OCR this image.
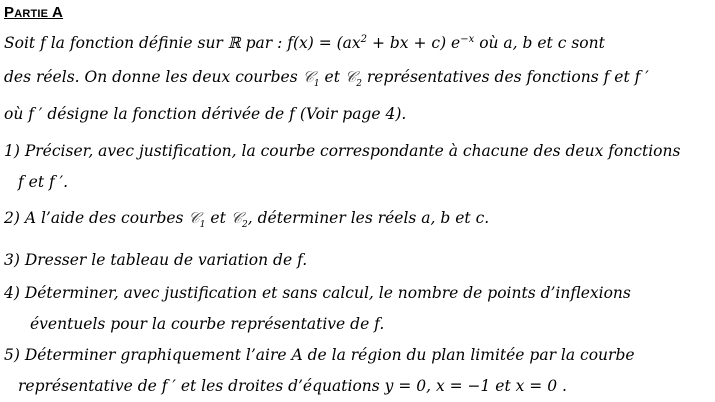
Partie A
Soit f la fonction définie sur ℝ par : $f(x) = (ax^2$ + bx + c) $e^{-x}$ où a, b et c sont
des réels. On donne les deux courbes 𝒞$_1$ et 𝒞$_2$ représentatives des fonctions f et f ′
où f ′ désigne la fonction dérivée de f (Voir page 4).
1) Préciser, avec justification, la courbe correspondante à chacune des deux fonctions
f et f ′.
2) A l’aide des courbes 𝒞$_1$ et 𝒞$_2$, déterminer les réels a, b et c.
3) Dresser le tableau de variation de f.
4) Déterminer, avec justification et sans calcul, le nombre de points d’inflexions
éventuels pour la courbe représentative de f.
5) Déterminer graphiquement l’aire A de la région du plan limitée par la courbe
représentative de f ′ et les droites d’équations y = 0, x = −1 et x = 0 .
